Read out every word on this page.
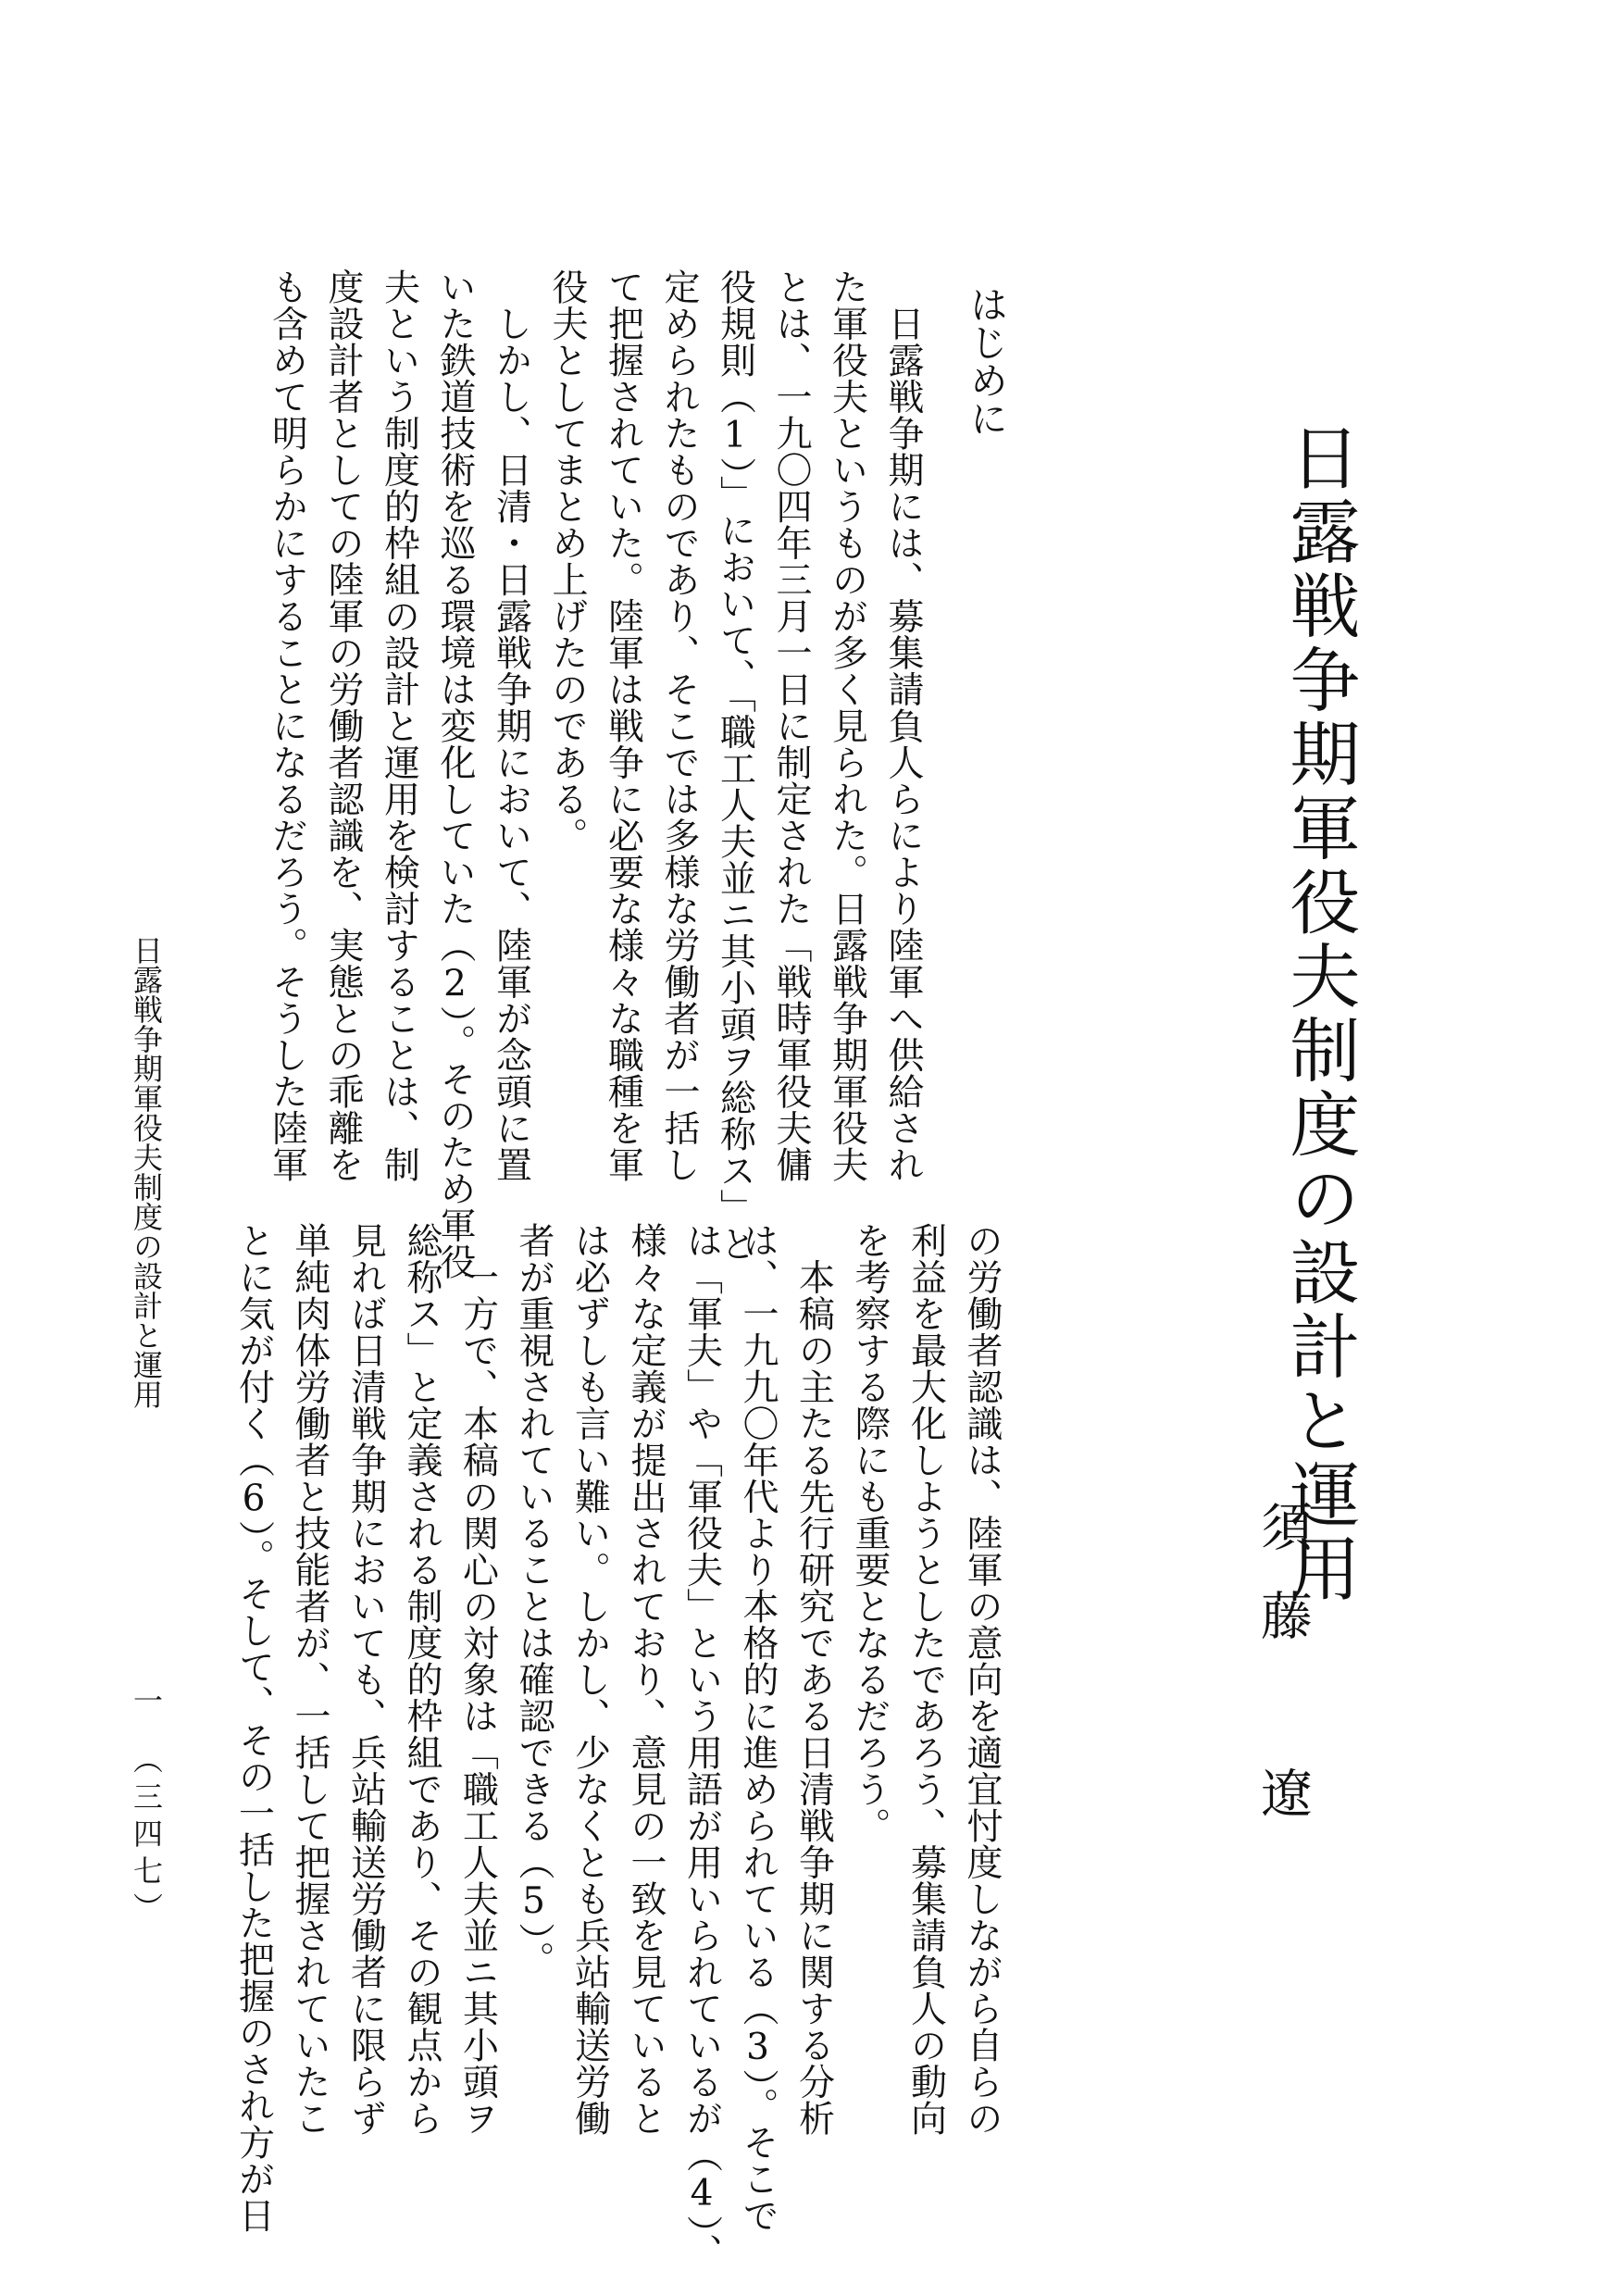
日露戦争期軍役夫制度の設計と運用
須藤　遼
はじめに
　日露戦争期には、募集請負人らにより陸軍へ供給され
た軍役夫というものが多く見られた。日露戦争期軍役夫
とは、一九〇四年三月一日に制定された「戦時軍役夫傭
役規則（1）」において、「職工人夫並ニ其小頭ヲ総称ス」と
定められたものであり、そこでは多様な労働者が一括し
て把握されていた。陸軍は戦争に必要な様々な職種を軍
役夫としてまとめ上げたのである。
　しかし、日清・日露戦争期において、陸軍が念頭に置
いた鉄道技術を巡る環境は変化していた（2）。そのため軍役
夫という制度的枠組の設計と運用を検討することは、制
度設計者としての陸軍の労働者認識を、実態との乖離を
も含めて明らかにすることになるだろう。そうした陸軍
の労働者認識は、陸軍の意向を適宜忖度しながら自らの
利益を最大化しようとしたであろう、募集請負人の動向
を考察する際にも重要となるだろう。
　本稿の主たる先行研究である日清戦争期に関する分析
は、一九九〇年代より本格的に進められている（3）。そこで
は「軍夫」や「軍役夫」という用語が用いられているが（4）、
様々な定義が提出されており、意見の一致を見ていると
は必ずしも言い難い。しかし、少なくとも兵站輸送労働
者が重視されていることは確認できる（5）。
　一方で、本稿の関心の対象は「職工人夫並ニ其小頭ヲ
総称ス」と定義される制度的枠組であり、その観点から
見れば日清戦争期においても、兵站輸送労働者に限らず
単純肉体労働者と技能者が、一括して把握されていたこ
とに気が付く（6）。そして、その一括した把握のされ方が日
日露戦争期軍役夫制度の設計と運用
一　（三四七）
